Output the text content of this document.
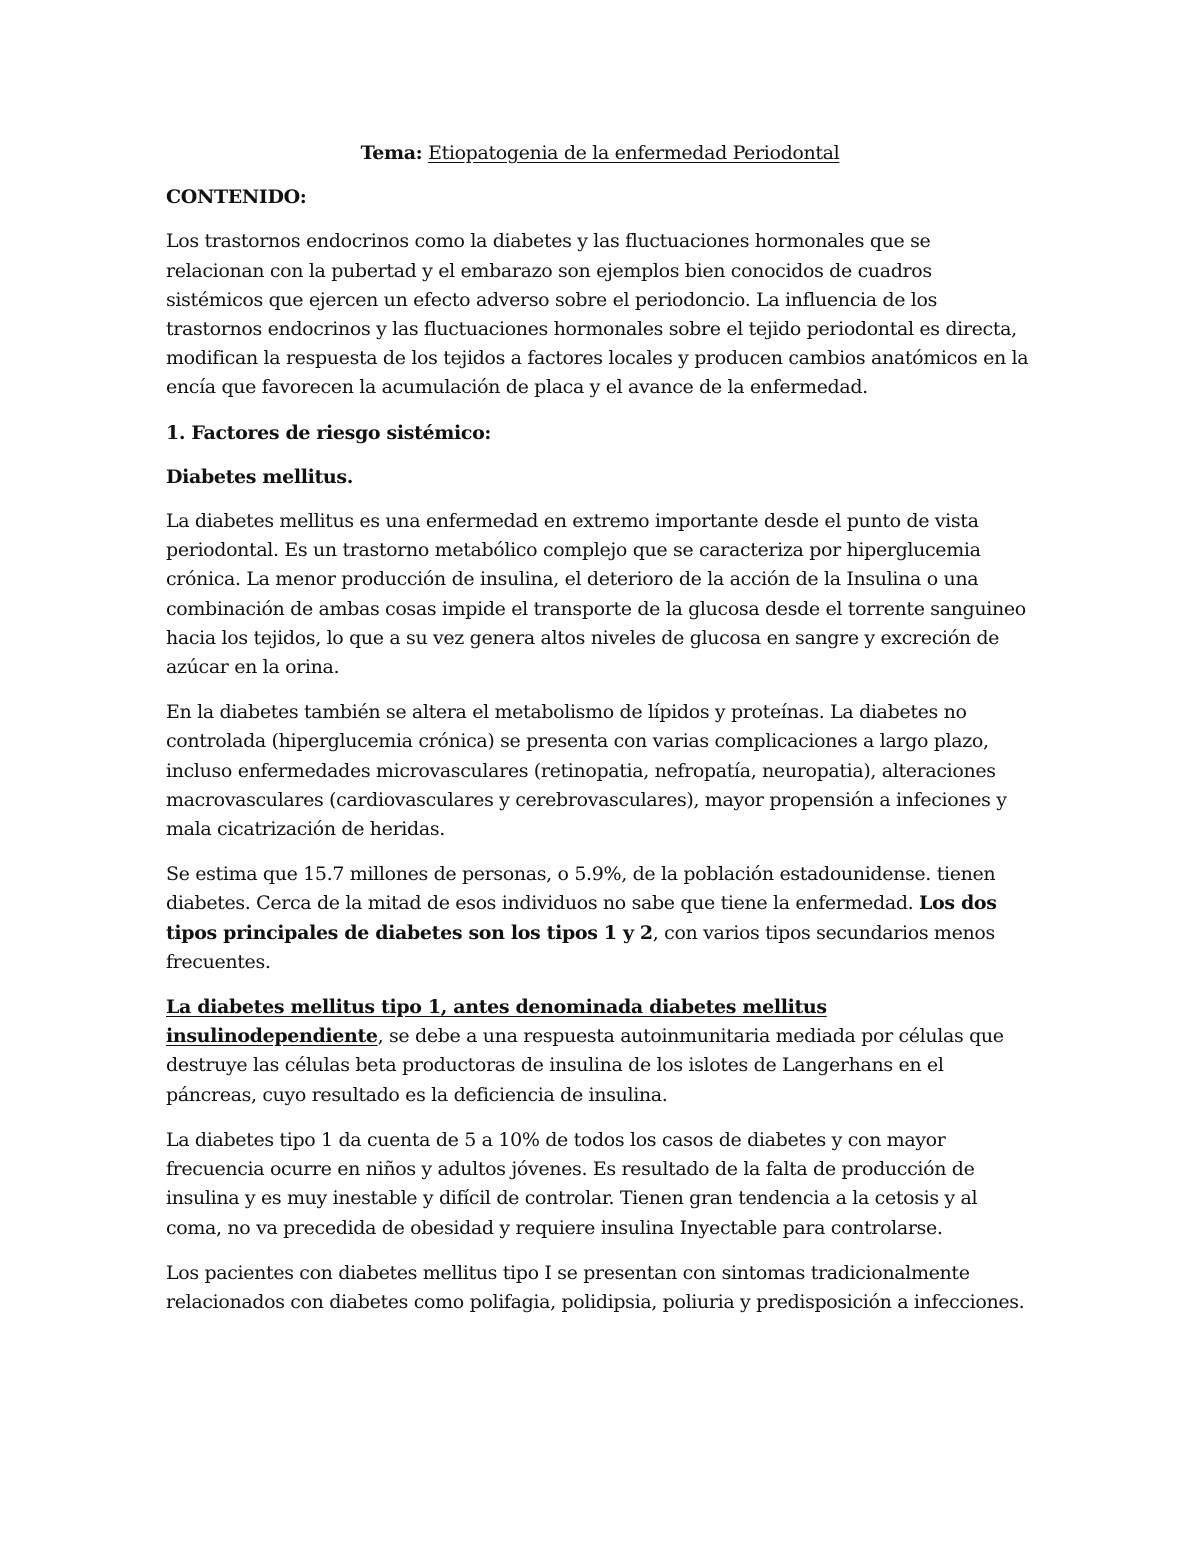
Tema: Etiopatogenia de la enfermedad Periodontal

CONTENIDO:

Los trastornos endocrinos como la diabetes y las fluctuaciones hormonales que se relacionan con la pubertad y el embarazo son ejemplos bien conocidos de cuadros sistémicos que ejercen un efecto adverso sobre el periodoncio. La influencia de los trastornos endocrinos y las fluctuaciones hormonales sobre el tejido periodontal es directa, modifican la respuesta de los tejidos a factores locales y producen cambios anatómicos en la encía que favorecen la acumulación de placa y el avance de la enfermedad.

1. Factores de riesgo sistémico:

Diabetes mellitus.

La diabetes mellitus es una enfermedad en extremo importante desde el punto de vista periodontal. Es un trastorno metabólico complejo que se caracteriza por hiperglucemia crónica. La menor producción de insulina, el deterioro de la acción de la Insulina o una combinación de ambas cosas impide el transporte de la glucosa desde el torrente sanguineo hacia los tejidos, lo que a su vez genera altos niveles de glucosa en sangre y excreción de azúcar en la orina.

En la diabetes también se altera el metabolismo de lípidos y proteínas. La diabetes no controlada (hiperglucemia crónica) se presenta con varias complicaciones a largo plazo, incluso enfermedades microvasculares (retinopatia, nefropatía, neuropatia), alteraciones macrovasculares (cardiovasculares y cerebrovasculares), mayor propensión a infeciones y mala cicatrización de heridas.

Se estima que 15.7 millones de personas, o 5.9%, de la población estadounidense. tienen diabetes. Cerca de la mitad de esos individuos no sabe que tiene la enfermedad. Los dos tipos principales de diabetes son los tipos 1 y 2, con varios tipos secundarios menos frecuentes.

La diabetes mellitus tipo 1, antes denominada diabetes mellitus insulinodependiente, se debe a una respuesta autoinmunitaria mediada por células que destruye las células beta productoras de insulina de los islotes de Langerhans en el páncreas, cuyo resultado es la deficiencia de insulina.

La diabetes tipo 1 da cuenta de 5 a 10% de todos los casos de diabetes y con mayor frecuencia ocurre en niños y adultos jóvenes. Es resultado de la falta de producción de insulina y es muy inestable y difícil de controlar. Tienen gran tendencia a la cetosis y al coma, no va precedida de obesidad y requiere insulina Inyectable para controlarse.

Los pacientes con diabetes mellitus tipo I se presentan con sintomas tradicionalmente relacionados con diabetes como polifagia, polidipsia, poliuria y predisposición a infecciones.
